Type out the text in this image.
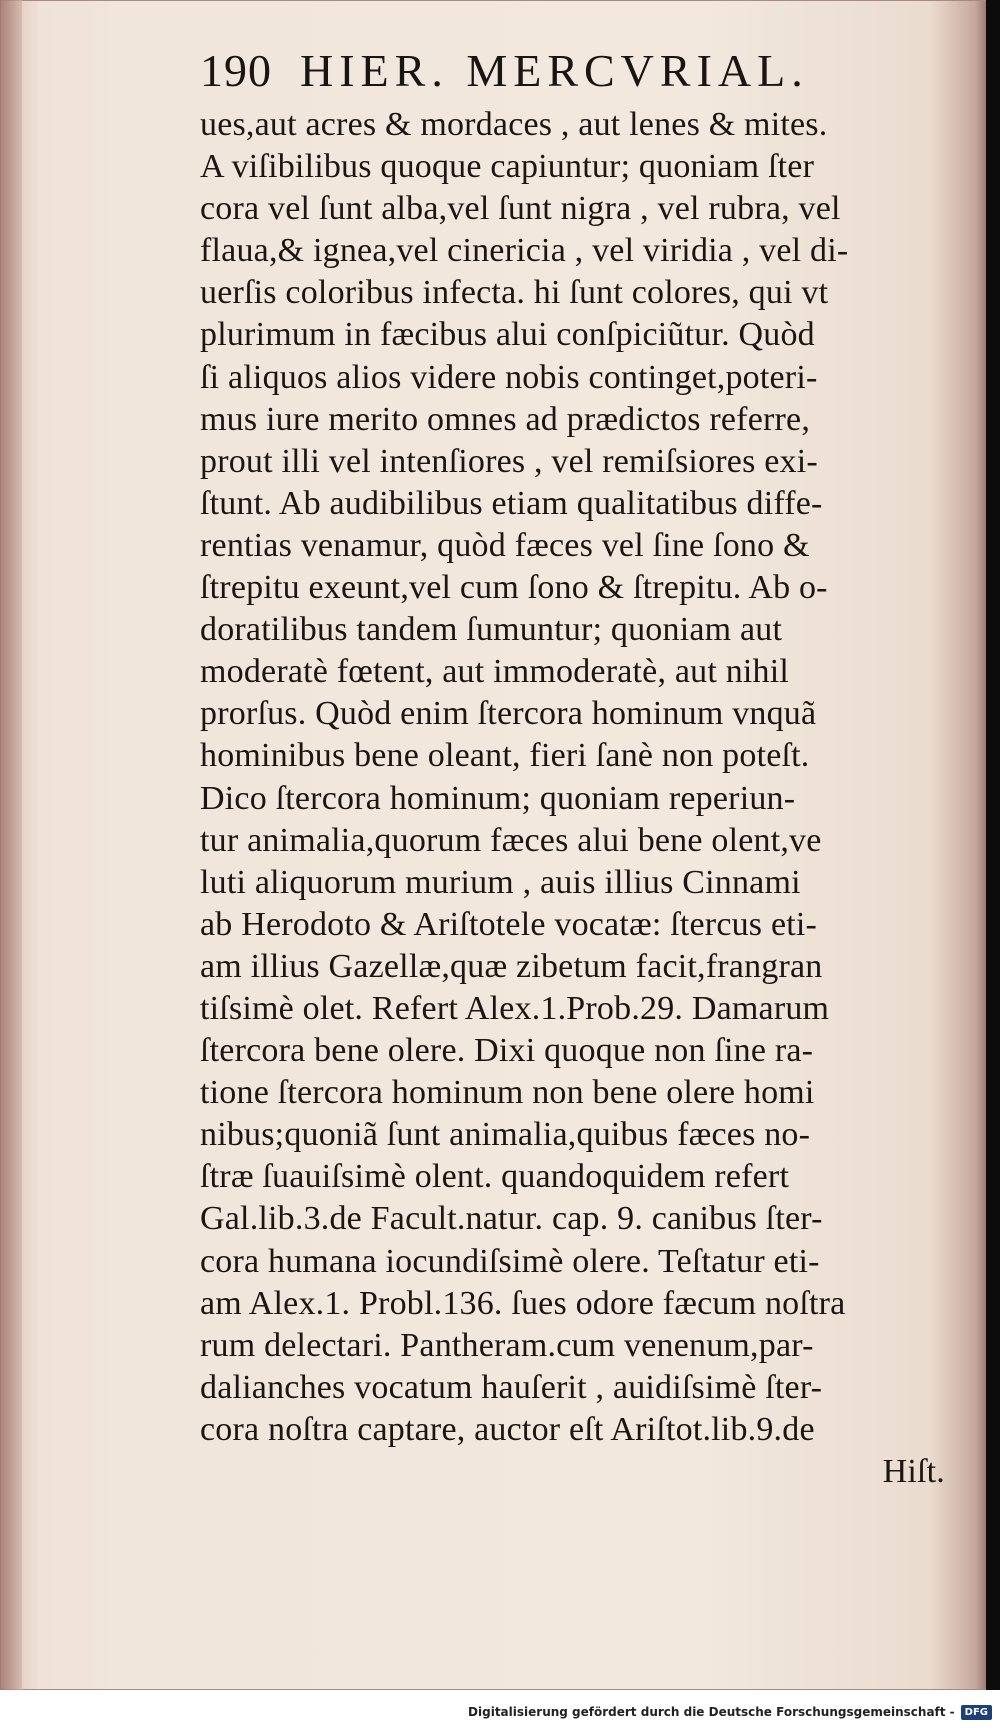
190 HIER. MERCVRIAL.
ues,aut acres & mordaces , aut lenes & mites.
A viſibilibus quoque capiuntur; quoniam ſter
cora vel ſunt alba,vel ſunt nigra , vel rubra, vel
flaua,& ignea,vel cinericia , vel viridia , vel di-
uerſis coloribus infecta. hi ſunt colores, qui vt
plurimum in fæcibus alui conſpiciũtur. Quòd
ſi aliquos alios videre nobis continget,poteri-
mus iure merito omnes ad prædictos referre,
prout illi vel intenſiores , vel remiſsiores exi-
ſtunt. Ab audibilibus etiam qualitatibus diffe-
rentias venamur, quòd fæces vel ſine ſono &
ſtrepitu exeunt,vel cum ſono & ſtrepitu. Ab o-
doratilibus tandem ſumuntur; quoniam aut
moderatè fœtent, aut immoderatè, aut nihil
prorſus. Quòd enim ſtercora hominum vnquã
hominibus bene oleant, fieri ſanè non poteſt.
Dico ſtercora hominum; quoniam reperiun-
tur animalia,quorum fæces alui bene olent,ve
luti aliquorum murium , auis illius Cinnami
ab Herodoto & Ariſtotele vocatæ: ſtercus eti-
am illius Gazellæ,quæ zibetum facit,frangran
tiſsimè olet. Refert Alex.1.Prob.29. Damarum
ſtercora bene olere. Dixi quoque non ſine ra-
tione ſtercora hominum non bene olere homi
nibus;quoniã ſunt animalia,quibus fæces no-
ſtræ ſuauiſsimè olent. quandoquidem refert
Gal.lib.3.de Facult.natur. cap. 9. canibus ſter-
cora humana iocundiſsimè olere. Teſtatur eti-
am Alex.1. Probl.136. ſues odore fæcum noſtra
rum delectari. Pantheram.cum venenum,par-
dalianches vocatum hauſerit , auidiſsimè ſter-
cora noſtra captare, auctor eſt Ariſtot.lib.9.de
Hiſt.
Digitalisierung gefördert durch die Deutsche Forschungsgemeinschaft -	DFG
